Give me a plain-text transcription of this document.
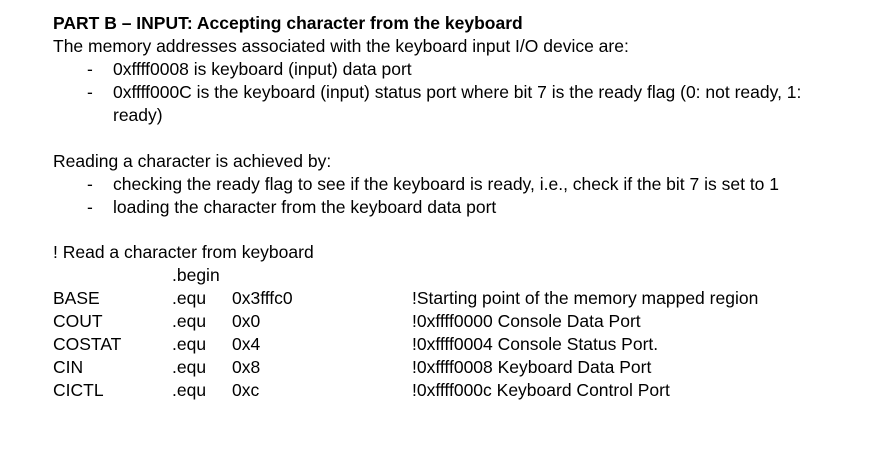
PART B – INPUT: Accepting character from the keyboard

The memory addresses associated with the keyboard input I/O device are:

- 0xffff0008 is keyboard (input) data port
- 0xffff000C is the keyboard (input) status port where bit 7 is the ready flag (0: not ready, 1: ready)

Reading a character is achieved by:

- checking the ready flag to see if the keyboard is ready, i.e., check if the bit 7 is set to 1
- loading the character from the keyboard data port

! Read a character from keyboard

.begin
BASE	.equ	0x3fffc0	!Starting point of the memory mapped region
COUT	.equ	0x0	!0xffff0000 Console Data Port
COSTAT	.equ	0x4	!0xffff0004 Console Status Port.
CIN	.equ	0x8	!0xffff0008 Keyboard Data Port
CICTL	.equ	0xc	!0xffff000c Keyboard Control Port
